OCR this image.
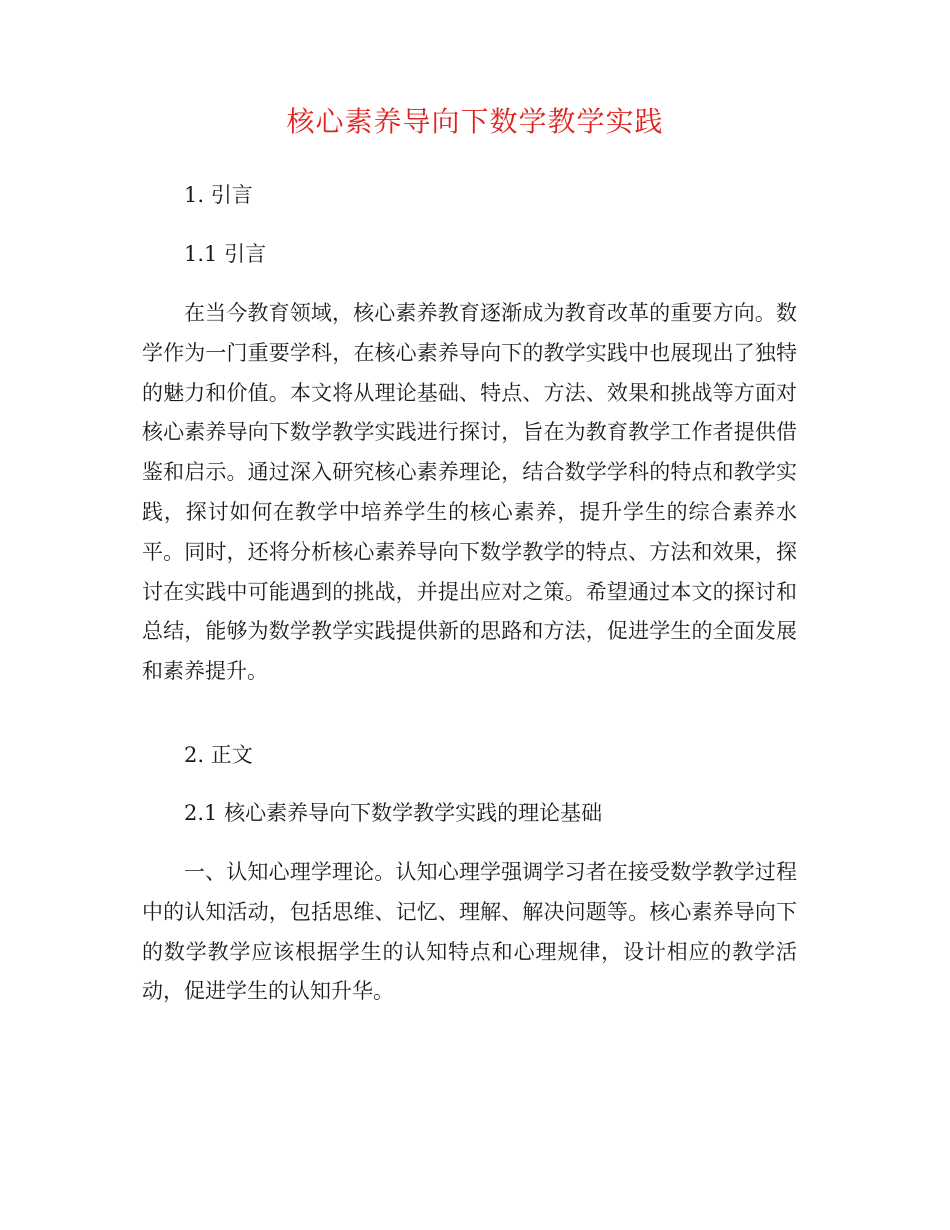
核心素养导向下数学教学实践
1. 引言
1.1 引言

在当今教育领域，核心素养教育逐渐成为教育改革的重要方向。数学作为一门重要学科，在核心素养导向下的教学实践中也展现出了独特的魅力和价值。本文将从理论基础、特点、方法、效果和挑战等方面对核心素养导向下数学教学实践进行探讨，旨在为教育教学工作者提供借鉴和启示。通过深入研究核心素养理论，结合数学学科的特点和教学实践，探讨如何在教学中培养学生的核心素养，提升学生的综合素养水平。同时，还将分析核心素养导向下数学教学的特点、方法和效果，探讨在实践中可能遇到的挑战，并提出应对之策。希望通过本文的探讨和总结，能够为数学教学实践提供新的思路和方法，促进学生的全面发展和素养提升。

2. 正文
2.1 核心素养导向下数学教学实践的理论基础

一、认知心理学理论。认知心理学强调学习者在接受数学教学过程中的认知活动，包括思维、记忆、理解、解决问题等。核心素养导向下的数学教学应该根据学生的认知特点和心理规律，设计相应的教学活动，促进学生的认知升华。
